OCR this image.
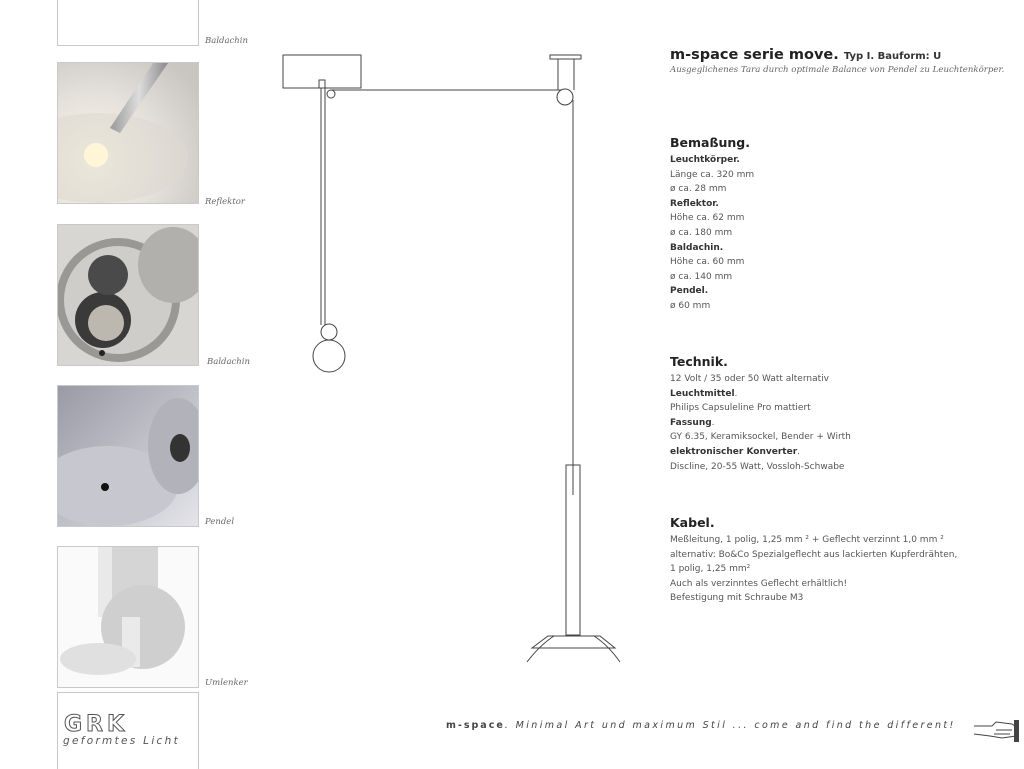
Baldachin
Reflektor
Baldachin
Pendel
Umlenker
GRK
geformtes Licht
m-space serie move. Typ I. Bauform: U
Ausgeglichenes Tara durch optimale Balance von Pendel zu Leuchtenkörper.
Bemaßung.
Leuchtkörper.
Länge ca. 320 mm
ø ca. 28 mm
Reflektor.
Höhe ca. 62 mm
ø ca. 180 mm
Baldachin.
Höhe ca. 60 mm
ø ca. 140 mm
Pendel.
ø 60 mm
Technik.
12 Volt / 35 oder 50 Watt alternativ
Leuchtmittel.
Philips Capsuleline Pro mattiert
Fassung.
GY 6.35, Keramiksockel, Bender + Wirth
elektronischer Konverter.
Discline, 20-55 Watt, Vossloh-Schwabe
Kabel.
Meßleitung, 1 polig, 1,25 mm ² + Geflecht verzinnt 1,0 mm ²
alternativ: Bo&Co Spezialgeflecht aus lackierten Kupferdrähten,
1 polig, 1,25 mm²
Auch als verzinntes Geflecht erhältlich!
Befestigung mit Schraube M3
m-space. Minimal Art und maximum Stil ... come and find the different!
